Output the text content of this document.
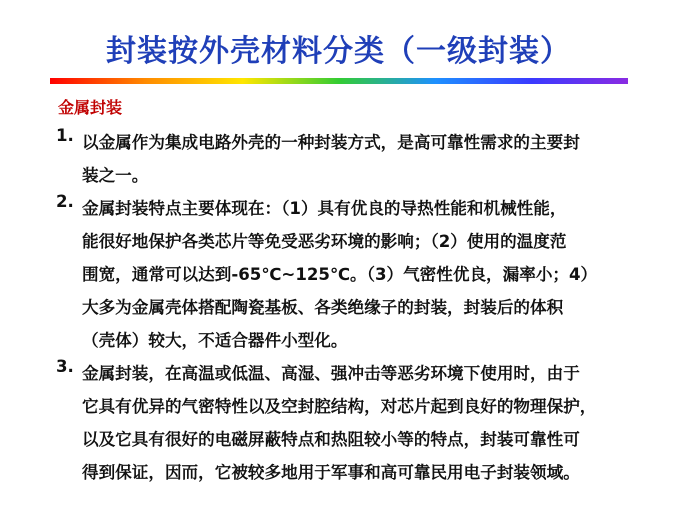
封装按外壳材料分类（一级封装）
金属封装
1. 以金属作为集成电路外壳的一种封装方式，是高可靠性需求的主要封
装之一。
2. 金属封装特点主要体现在：（1）具有优良的导热性能和机械性能，
能很好地保护各类芯片等免受恶劣环境的影响；（2）使用的温度范
围宽，通常可以达到-65℃~125℃。（3）气密性优良，漏率小；4）
大多为金属壳体搭配陶瓷基板、各类绝缘子的封装，封装后的体积
（壳体）较大，不适合器件小型化。
3. 金属封装，在高温或低温、高湿、强冲击等恶劣环境下使用时，由于
它具有优异的气密特性以及空封腔结构，对芯片起到良好的物理保护，
以及它具有很好的电磁屏蔽特点和热阻较小等的特点，封装可靠性可
得到保证，因而，它被较多地用于军事和高可靠民用电子封装领域。
